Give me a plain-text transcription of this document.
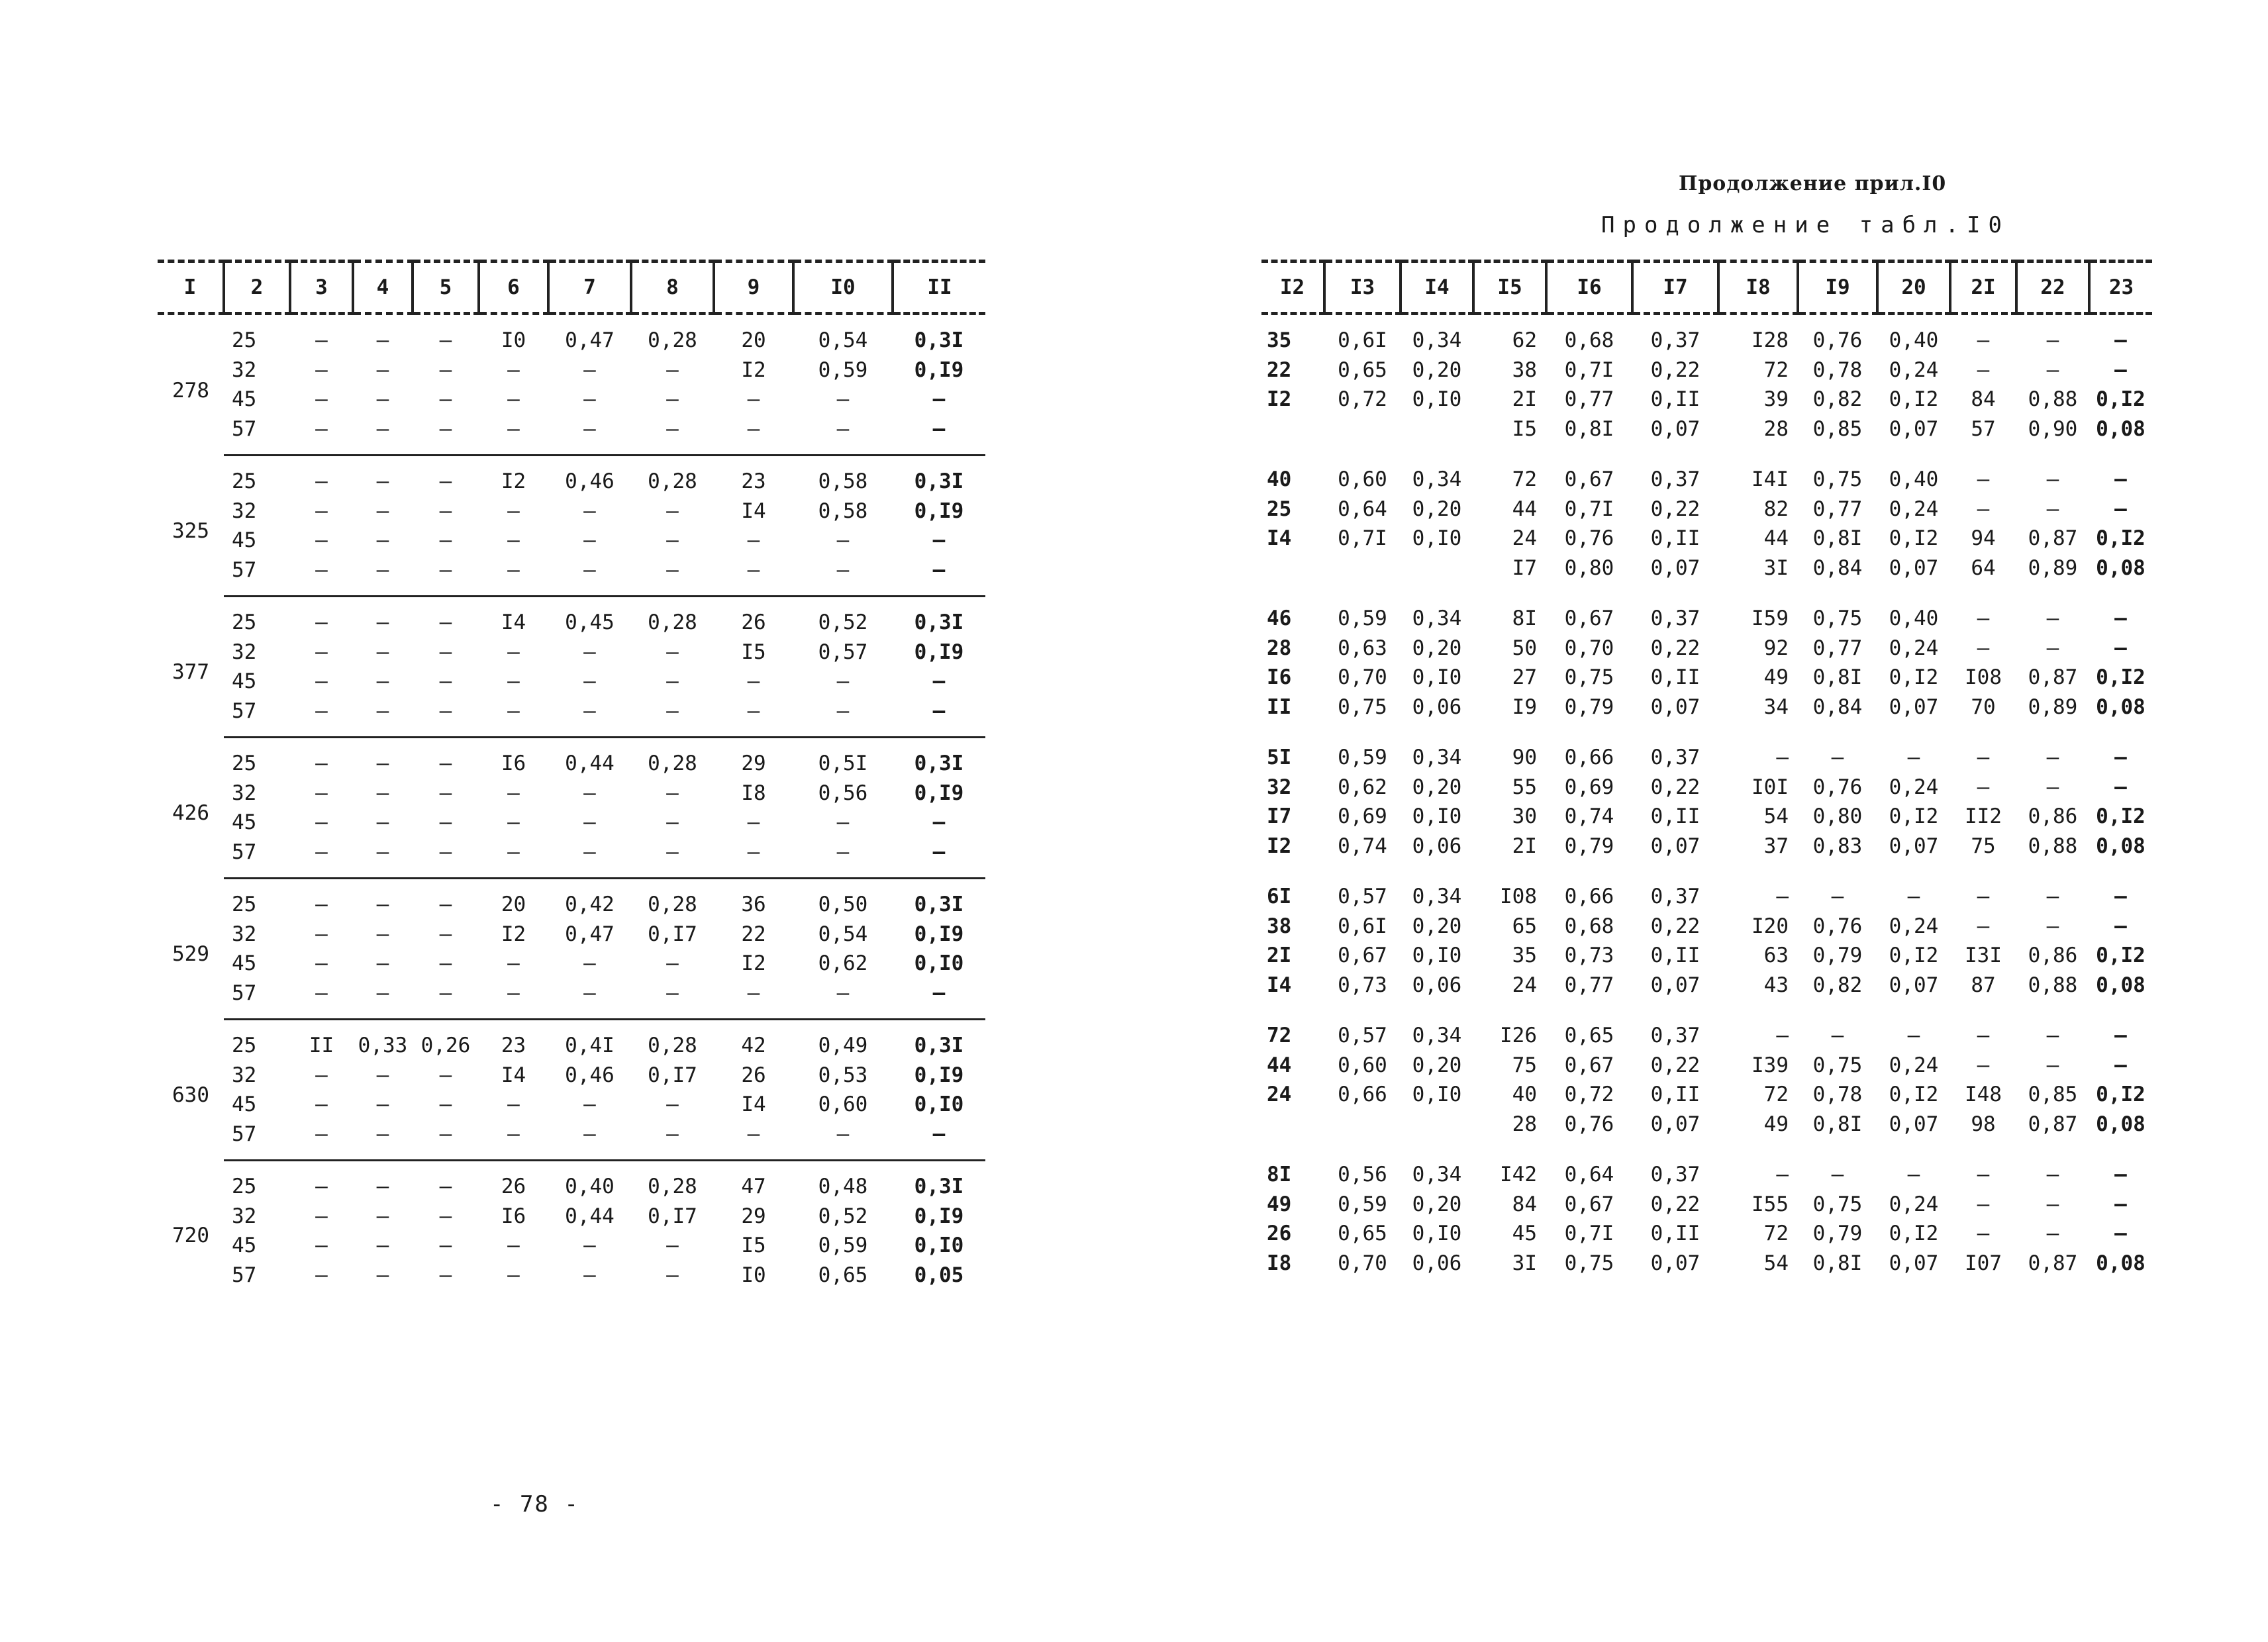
Продолжение прил.I0
Продолжение табл.I0
I	2	3	4	5	6	7	8	9	I0	II
278	25	–	–	–	I0	0,47	0,28	20	0,54	0,3I
	32	–	–	–	–	–	–	I2	0,59	0,I9
	45	–	–	–	–	–	–	–	–	–
	57	–	–	–	–	–	–	–	–	–
325	25	–	–	–	I2	0,46	0,28	23	0,58	0,3I
	32	–	–	–	–	–	–	I4	0,58	0,I9
	45	–	–	–	–	–	–	–	–	–
	57	–	–	–	–	–	–	–	–	–
377	25	–	–	–	I4	0,45	0,28	26	0,52	0,3I
	32	–	–	–	–	–	–	I5	0,57	0,I9
	45	–	–	–	–	–	–	–	–	–
	57	–	–	–	–	–	–	–	–	–
426	25	–	–	–	I6	0,44	0,28	29	0,5I	0,3I
	32	–	–	–	–	–	–	I8	0,56	0,I9
	45	–	–	–	–	–	–	–	–	–
	57	–	–	–	–	–	–	–	–	–
529	25	–	–	–	20	0,42	0,28	36	0,50	0,3I
	32	–	–	–	I2	0,47	0,I7	22	0,54	0,I9
	45	–	–	–	–	–	–	I2	0,62	0,I0
	57	–	–	–	–	–	–	–	–	–
630	25	II	0,33	0,26	23	0,4I	0,28	42	0,49	0,3I
	32	–	–	–	I4	0,46	0,I7	26	0,53	0,I9
	45	–	–	–	–	–	–	I4	0,60	0,I0
	57	–	–	–	–	–	–	–	–	–
720	25	–	–	–	26	0,40	0,28	47	0,48	0,3I
	32	–	–	–	I6	0,44	0,I7	29	0,52	0,I9
	45	–	–	–	–	–	–	I5	0,59	0,I0
	57	–	–	–	–	–	–	I0	0,65	0,05
I2	I3	I4	I5	I6	I7	I8	I9	20	2I	22	23
35	0,6I	0,34	62	0,68	0,37	I28	0,76	0,40	–	–	–
22	0,65	0,20	38	0,7I	0,22	72	0,78	0,24	–	–	–
I2	0,72	0,I0	2I	0,77	0,II	39	0,82	0,I2	84	0,88	0,I2
			I5	0,8I	0,07	28	0,85	0,07	57	0,90	0,08
40	0,60	0,34	72	0,67	0,37	I4I	0,75	0,40	–	–	–
25	0,64	0,20	44	0,7I	0,22	82	0,77	0,24	–	–	–
I4	0,7I	0,I0	24	0,76	0,II	44	0,8I	0,I2	94	0,87	0,I2
			I7	0,80	0,07	3I	0,84	0,07	64	0,89	0,08
46	0,59	0,34	8I	0,67	0,37	I59	0,75	0,40	–	–	–
28	0,63	0,20	50	0,70	0,22	92	0,77	0,24	–	–	–
I6	0,70	0,I0	27	0,75	0,II	49	0,8I	0,I2	I08	0,87	0,I2
II	0,75	0,06	I9	0,79	0,07	34	0,84	0,07	70	0,89	0,08
5I	0,59	0,34	90	0,66	0,37	–	–	–	–	–	–
32	0,62	0,20	55	0,69	0,22	I0I	0,76	0,24	–	–	–
I7	0,69	0,I0	30	0,74	0,II	54	0,80	0,I2	II2	0,86	0,I2
I2	0,74	0,06	2I	0,79	0,07	37	0,83	0,07	75	0,88	0,08
6I	0,57	0,34	I08	0,66	0,37	–	–	–	–	–	–
38	0,6I	0,20	65	0,68	0,22	I20	0,76	0,24	–	–	–
2I	0,67	0,I0	35	0,73	0,II	63	0,79	0,I2	I3I	0,86	0,I2
I4	0,73	0,06	24	0,77	0,07	43	0,82	0,07	87	0,88	0,08
72	0,57	0,34	I26	0,65	0,37	–	–	–	–	–	–
44	0,60	0,20	75	0,67	0,22	I39	0,75	0,24	–	–	–
24	0,66	0,I0	40	0,72	0,II	72	0,78	0,I2	I48	0,85	0,I2
			28	0,76	0,07	49	0,8I	0,07	98	0,87	0,08
8I	0,56	0,34	I42	0,64	0,37	–	–	–	–	–	–
49	0,59	0,20	84	0,67	0,22	I55	0,75	0,24	–	–	–
26	0,65	0,I0	45	0,7I	0,II	72	0,79	0,I2	–	–	–
I8	0,70	0,06	3I	0,75	0,07	54	0,8I	0,07	I07	0,87	0,08
- 78 -
